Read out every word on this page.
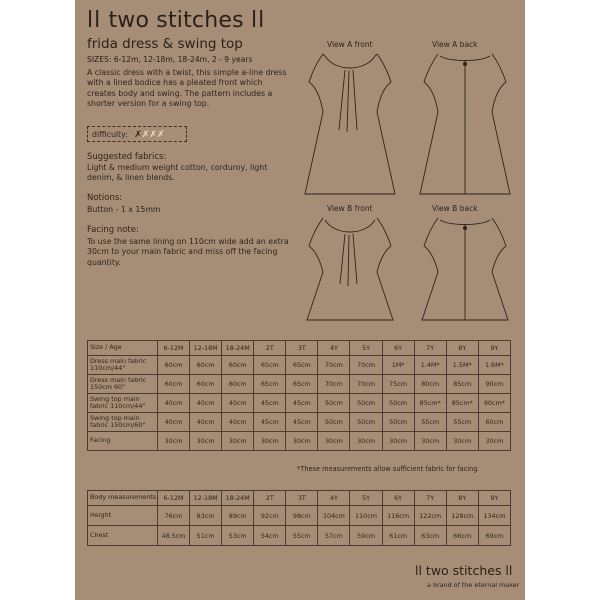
ll two stitches ll
frida dress & swing top
SIZES: 6-12m, 12-18m, 18-24m, 2 - 9 years
A classic dress with a twist, this simple a-line dress with a lined bodice has a pleated front which creates body and swing. The pattern includes a shorter version for a swing top.
difficulty: ✗✗✗✗
Suggested fabrics:
Light & medium weight cotton, corduroy, light denim, & linen blends.
Notions:
Button - 1 x 15mm
Facing note:
To use the same lining on 110cm wide add an extra 30cm to your main fabric and miss off the facing quantity.
View A front	View A back
View B front	View B back
Size / Age	6-12M	12-18M	18-24M	2T	3T	4Y	5Y	6Y	7Y	8Y	9Y
Dress main fabric 110cm/44"	60cm	60cm	60cm	65cm	65cm	70cm	70cm	1M*	1.4M*	1.5M*	1.6M*
Dress main fabric 150cm 60"	60cm	60cm	60cm	65cm	65cm	70cm	70cm	75cm	80cm	85cm	90cm
Swing top main fabric 110cm/44"	40cm	40cm	40cm	45cm	45cm	50cm	50cm	50cm	85cm*	85cm*	90cm*
Swing top main fabric 150cm/60"	40cm	40cm	40cm	45cm	45cm	50cm	50cm	50cm	55cm	55cm	60cm
Facing	30cm	30cm	30cm	30cm	30cm	30cm	30cm	30cm	30cm	30cm	30cm
*These measurements allow sufficient fabric for facing
Body measurements	6-12M	12-18M	18-24M	2T	3T	4Y	5Y	6Y	7Y	8Y	9Y
Height	76cm	83cm	89cm	92cm	98cm	104cm	110cm	116cm	122cm	128cm	134cm
Chest	48.5cm	51cm	53cm	54cm	55cm	57cm	59cm	61cm	63cm	66cm	69cm
ll two stitches ll
a brand of the eternal maker
